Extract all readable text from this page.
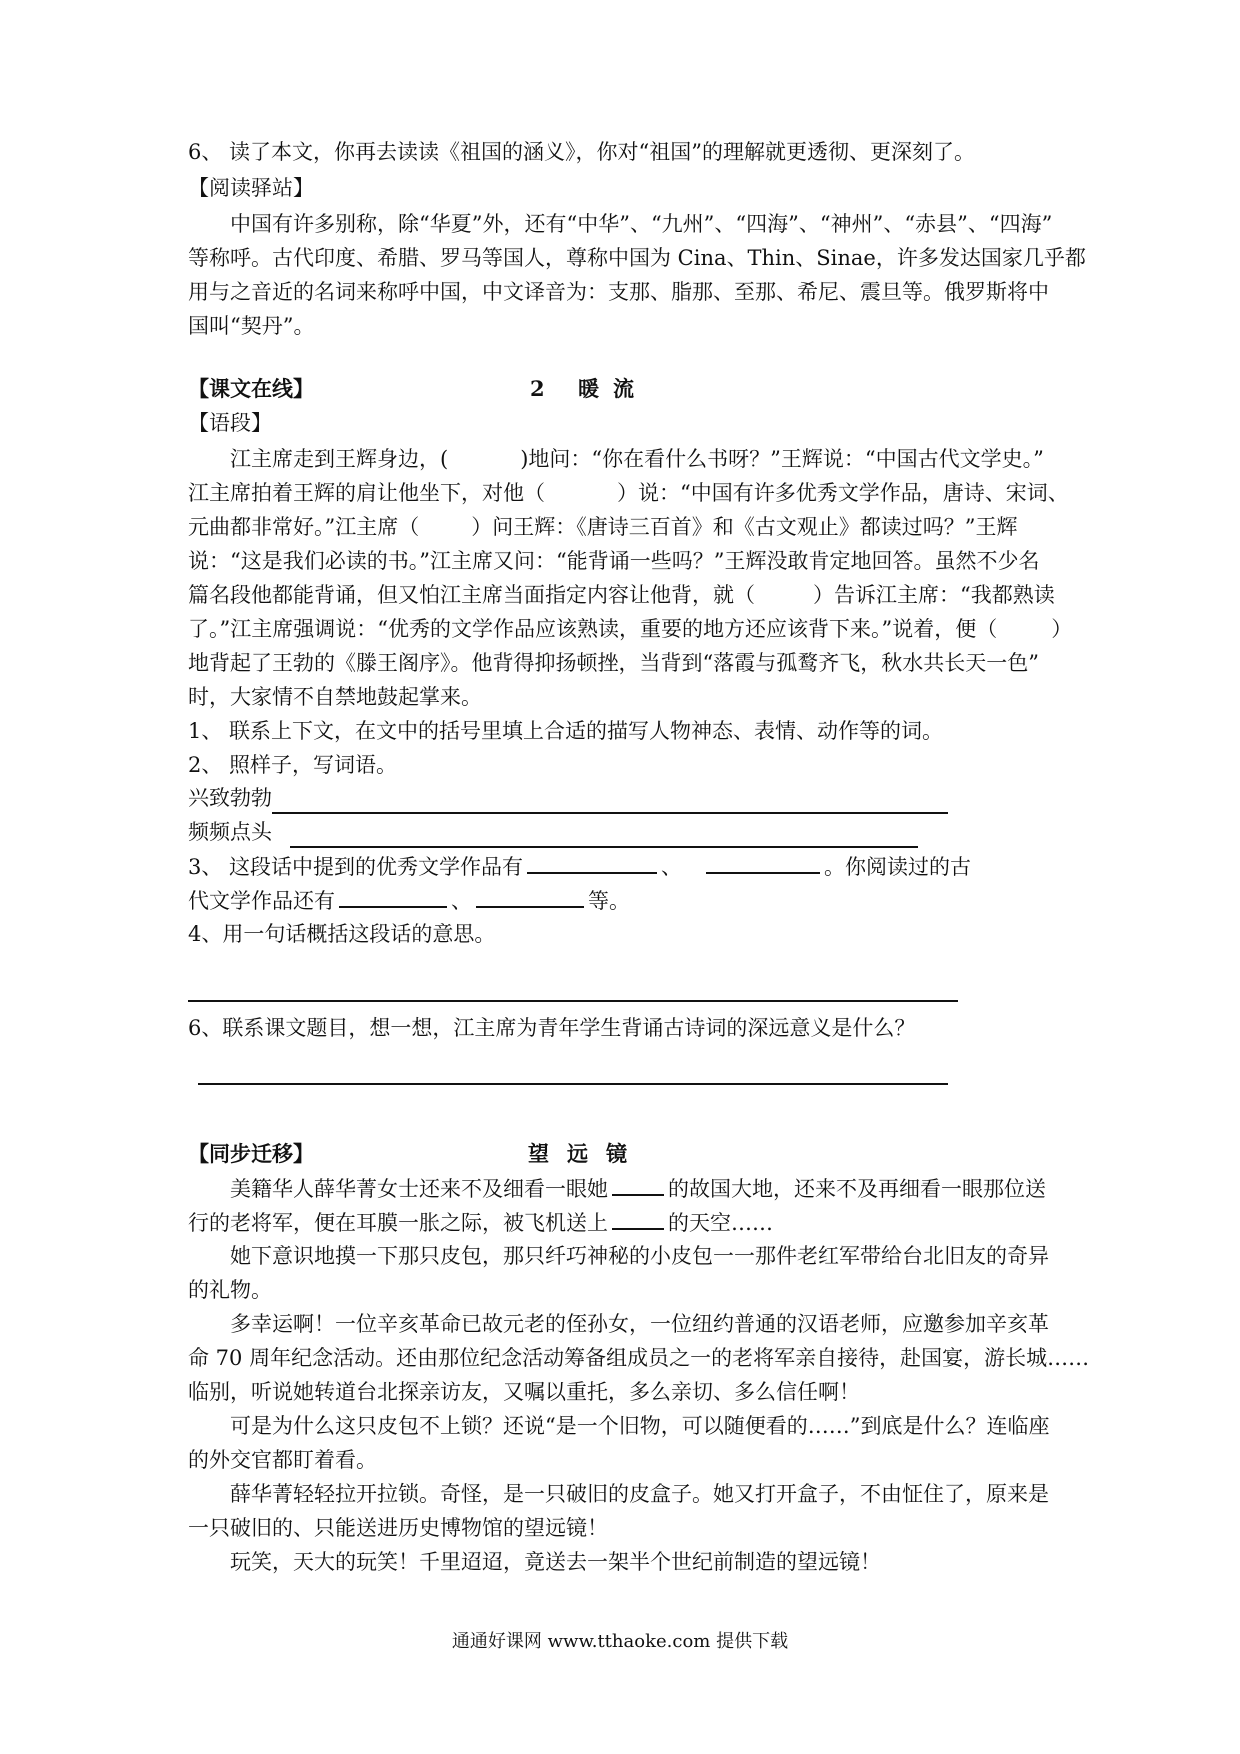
6、 读了本文，你再去读读《祖国的涵义》，你对“祖国”的理解就更透彻、更深刻了。
【阅读驿站】
中国有许多别称，除“华夏”外，还有“中华”、“九州”、“四海”、“神州”、“赤县”、“四海”
等称呼。古代印度、希腊、罗马等国人，尊称中国为 Cina、Thin、Sinae，许多发达国家几乎都
用与之音近的名词来称呼中国，中文译音为：支那、脂那、至那、希尼、震旦等。俄罗斯将中
国叫“契丹”。
【课文在线】	2 暖流
【语段】
江主席走到王辉身边，(	)地问：“你在看什么书呀？”王辉说：“中国古代文学史。”
江主席拍着王辉的肩让他坐下，对他（	）说：“中国有许多优秀文学作品，唐诗、宋词、
元曲都非常好。”江主席（ ）问王辉：《唐诗三百首》和《古文观止》都读过吗？”王辉
说：“这是我们必读的书。”江主席又问：“能背诵一些吗？”王辉没敢肯定地回答。虽然不少名
篇名段他都能背诵，但又怕江主席当面指定内容让他背，就（	）告诉江主席：“我都熟读
了。”江主席强调说：“优秀的文学作品应该熟读，重要的地方还应该背下来。”说着，便（	）
地背起了王勃的《滕王阁序》。他背得抑扬顿挫，当背到“落霞与孤鹜齐飞，秋水共长天一色”
时，大家情不自禁地鼓起掌来。
1、 联系上下文，在文中的括号里填上合适的描写人物神态、表情、动作等的词。
2、 照样子，写词语。
兴致勃勃
频频点头
3、 这段话中提到的优秀文学作品有	、	。你阅读过的古
代文学作品还有	、	等。
4、用一句话概括这段话的意思。
6、联系课文题目，想一想，江主席为青年学生背诵古诗词的深远意义是什么？
【同步迁移】	望远镜
美籍华人薛华菁女士还来不及细看一眼她	的故国大地，还来不及再细看一眼那位送
行的老将军，便在耳膜一胀之际，被飞机送上	的天空……
她下意识地摸一下那只皮包，那只纤巧神秘的小皮包一一那件老红军带给台北旧友的奇异
的礼物。
多幸运啊！一位辛亥革命已故元老的侄孙女，一位纽约普通的汉语老师，应邀参加辛亥革
命 70 周年纪念活动。还由那位纪念活动筹备组成员之一的老将军亲自接待，赴国宴，游长城……
临别，听说她转道台北探亲访友，又嘱以重托，多么亲切、多么信任啊！
可是为什么这只皮包不上锁？还说“是一个旧物，可以随便看的……”到底是什么？连临座
的外交官都盯着看。
薛华菁轻轻拉开拉锁。奇怪，是一只破旧的皮盒子。她又打开盒子，不由怔住了，原来是
一只破旧的、只能送进历史博物馆的望远镜！
玩笑，天大的玩笑！千里迢迢，竟送去一架半个世纪前制造的望远镜！
通通好课网 www.tthaoke.com 提供下载
